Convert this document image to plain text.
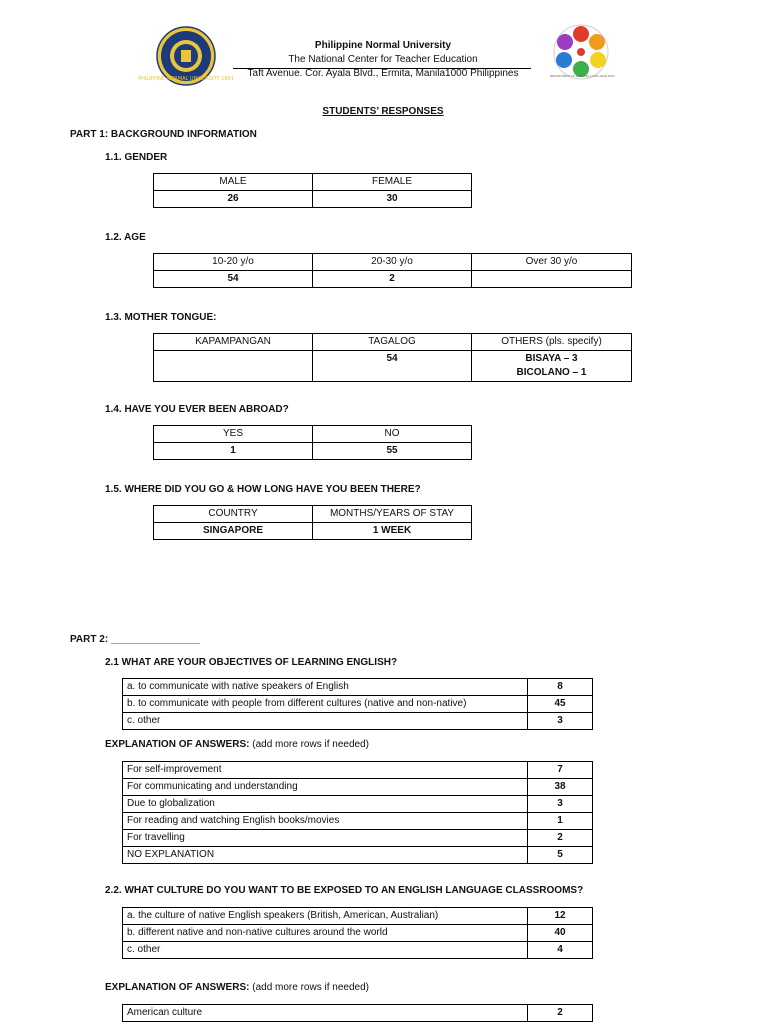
PHILIPPINE NORMAL UNIVERSITY 1901
Philippine Normal University
The National Center for Teacher Education
Taft Avenue. Cor. Ayala Blvd., Ermita, Manila1000 Philippines	DEPARTMENT OF ENGLISH LANGUAGE 2018
STUDENTS’ RESPONSES
PART 1: BACKGROUND INFORMATION
1.1. GENDER
MALE	FEMALE
26	30
1.2. AGE
10-20 y/o	20-30 y/o	Over 30 y/o
54	2	
1.3. MOTHER TONGUE:
KAPAMPANGAN	TAGALOG	OTHERS (pls. specify)
	54	BISAYA – 3
BICOLANO – 1
1.4. HAVE YOU EVER BEEN ABROAD?
YES	NO
1	55
1.5. WHERE DID YOU GO & HOW LONG HAVE YOU BEEN THERE?
COUNTRY	MONTHS/YEARS OF STAY
SINGAPORE	1 WEEK
PART 2: ________________
2.1 WHAT ARE YOUR OBJECTIVES OF LEARNING ENGLISH?
a. to communicate with native speakers of English	8
b. to communicate with people from different cultures (native and non-native)	45
c. other	3
EXPLANATION OF ANSWERS: (add more rows if needed)
For self-improvement	7
For communicating and understanding	38
Due to globalization	3
For reading and watching English books/movies	1
For travelling	2
NO EXPLANATION	5
2.2. WHAT CULTURE DO YOU WANT TO BE EXPOSED TO AN ENGLISH LANGUAGE CLASSROOMS?
a. the culture of native English speakers (British, American, Australian)	12
b. different native and non-native cultures around the world	40
c. other	4
EXPLANATION OF ANSWERS: (add more rows if needed)
American culture	2
